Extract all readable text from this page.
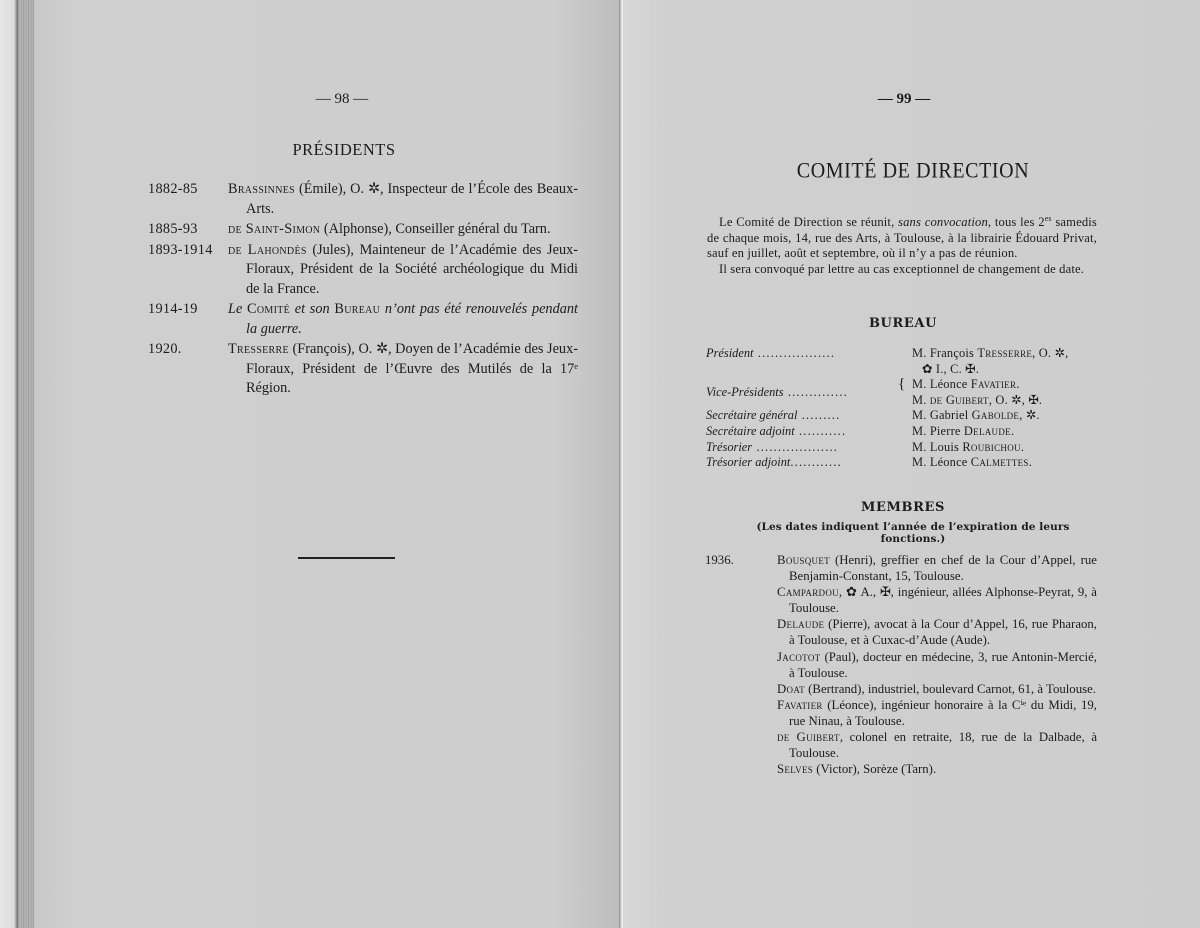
— 98 —
PRÉSIDENTS
1882-85	Brassinnes (Émile), O. ✲, Inspecteur de l’École des Beaux-Arts.
1885-93	de Saint-Simon (Alphonse), Conseiller général du Tarn.
1893-1914	de Lahondès (Jules), Mainteneur de l’Académie des Jeux-Floraux, Président de la Société archéologique du Midi de la France.
1914-19	Le Comité et son Bureau n’ont pas été renouvelés pendant la guerre.
1920.	Tresserre (François), O. ✲, Doyen de l’Académie des Jeux-Floraux, Président de l’Œuvre des Mutilés de la 17ᵉ Région.
— 99 —
COMITÉ DE DIRECTION

Le Comité de Direction se réunit, sans convocation, tous les $2^{es}$ samedis de chaque mois, 14, rue des Arts, à Toulouse, à la librairie Édouard Privat, sauf en juillet, août et septembre, où il n’y a pas de réunion.

Il sera convoqué par lettre au cas exceptionnel de changement de date.

BUREAU
Président ..................	M. François Tresserre, O. ✲,
✿ I., C. ✠.
Vice-Présidents ..............	{ M. Léonce Favatier.
M. de Guibert, O. ✲, ✠.
Secrétaire général .........	M. Gabriel Gabolde, ✲.
Secrétaire adjoint ...........	M. Pierre Delaude.
Trésorier ...................	M. Louis Roubichou.
Trésorier adjoint............	M. Léonce Calmettes.
MEMBRES
(Les dates indiquent l’année de l’expiration de leurs fonctions.)
1936.	Bousquet (Henri), greffier en chef de la Cour d’Appel, rue Benjamin-Constant, 15, Toulouse.
Campardou, ✿ A., ✠, ingénieur, allées Alphonse-Peyrat, 9, à Toulouse.
Delaude (Pierre), avocat à la Cour d’Appel, 16, rue Pharaon, à Toulouse, et à Cuxac-d’Aude (Aude).
Jacotot (Paul), docteur en médecine, 3, rue Antonin-Mercié, à Toulouse.
Doat (Bertrand), industriel, boulevard Carnot, 61, à Toulouse.
Favatier (Léonce), ingénieur honoraire à la Cⁱᵉ du Midi, 19, rue Ninau, à Toulouse.
de Guibert, colonel en retraite, 18, rue de la Dalbade, à Toulouse.
Selves (Victor), Sorèze (Tarn).
